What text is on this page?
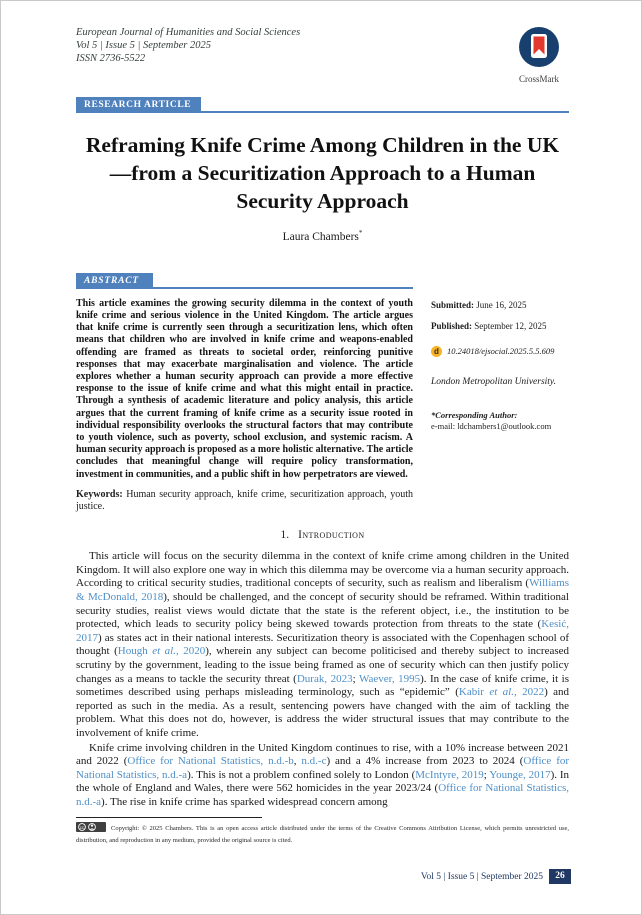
European Journal of Humanities and Social Sciences
Vol 5 | Issue 5 | September 2025
ISSN 2736-5522
CrossMark
RESEARCH ARTICLE
Reframing Knife Crime Among Children in the UK—from a Securitization Approach to a Human Security Approach
Laura Chambers*
ABSTRACT

This article examines the growing security dilemma in the context of youth knife crime and serious violence in the United Kingdom. The article argues that knife crime is currently seen through a securitization lens, which often means that children who are involved in knife crime and weapons-enabled offending are framed as threats to societal order, reinforcing punitive responses that may exacerbate marginalisation and violence. The article explores whether a human security approach can provide a more effective response to the issue of knife crime and what this might entail in practice. Through a synthesis of academic literature and policy analysis, this article argues that the current framing of knife crime as a security issue rooted in individual responsibility overlooks the structural factors that may contribute to youth violence, such as poverty, school exclusion, and systemic racism. A human security approach is proposed as a more holistic alternative. The article concludes that meaningful change will require policy transformation, investment in communities, and a public shift in how perpetrators are viewed.

Keywords: Human security approach, knife crime, securitization approach, youth justice.

Submitted: June 16, 2025
Published: September 12, 2025
d 10.24018/ejsocial.2025.5.5.609
London Metropolitan University.
*Corresponding Author:
e-mail: ldchambers1@outlook.com
1. Introduction

This article will focus on the security dilemma in the context of knife crime among children in the United Kingdom. It will also explore one way in which this dilemma may be overcome via a human security approach. According to critical security studies, traditional concepts of security, such as realism and liberalism (Williams & McDonald, 2018), should be challenged, and the concept of security should be reframed. Within traditional security studies, realist views would dictate that the state is the referent object, i.e., the institution to be protected, which leads to security policy being skewed towards protection from threats to the state (Kesić, 2017) as states act in their national interests. Securitization theory is associated with the Copenhagen school of thought (Hough et al., 2020), wherein any subject can become politicised and thereby subject to increased scrutiny by the government, leading to the issue being framed as one of security which can then justify policy changes as a means to tackle the security threat (Durak, 2023; Waever, 1995). In the case of knife crime, it is sometimes described using perhaps misleading terminology, such as “epidemic” (Kabir et al., 2022) and reported as such in the media. As a result, sentencing powers have changed with the aim of tackling the problem. What this does not do, however, is address the wider structural issues that may contribute to the involvement of knife crime.

Knife crime involving children in the United Kingdom continues to rise, with a 10% increase between 2021 and 2022 (Office for National Statistics, n.d.-b, n.d.-c) and a 4% increase from 2023 to 2024 (Office for National Statistics, n.d.-a). This is not a problem confined solely to London (McIntyre, 2019; Younge, 2017). In the whole of England and Wales, there were 562 homicides in the year 2023/24 (Office for National Statistics, n.d.-a). The rise in knife crime has sparked widespread concern among

cc	Copyright: © 2025 Chambers. This is an open access article distributed under the terms of the Creative Commons Attribution License, which permits unrestricted use, distribution, and reproduction in any medium, provided the original source is cited.
Vol 5 | Issue 5 | September 2025	26
